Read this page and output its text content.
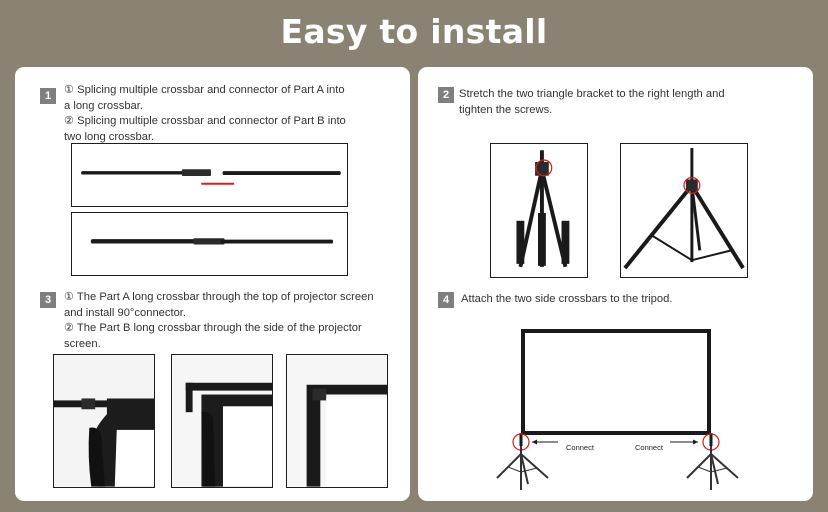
Easy to install
1	① Splicing multiple crossbar and connector of Part A into
a long crossbar.
② Splicing multiple crossbar and connector of Part B into
two long crossbar.
3	① The Part A long crossbar through the top of projector screen
and install 90°connector.
② The Part B long crossbar through the side of the projector
screen.
2 Stretch the two triangle bracket to the right length and
tighten the screws.
4	Attach the two side crossbars to the tripod.
Connect	Connect
